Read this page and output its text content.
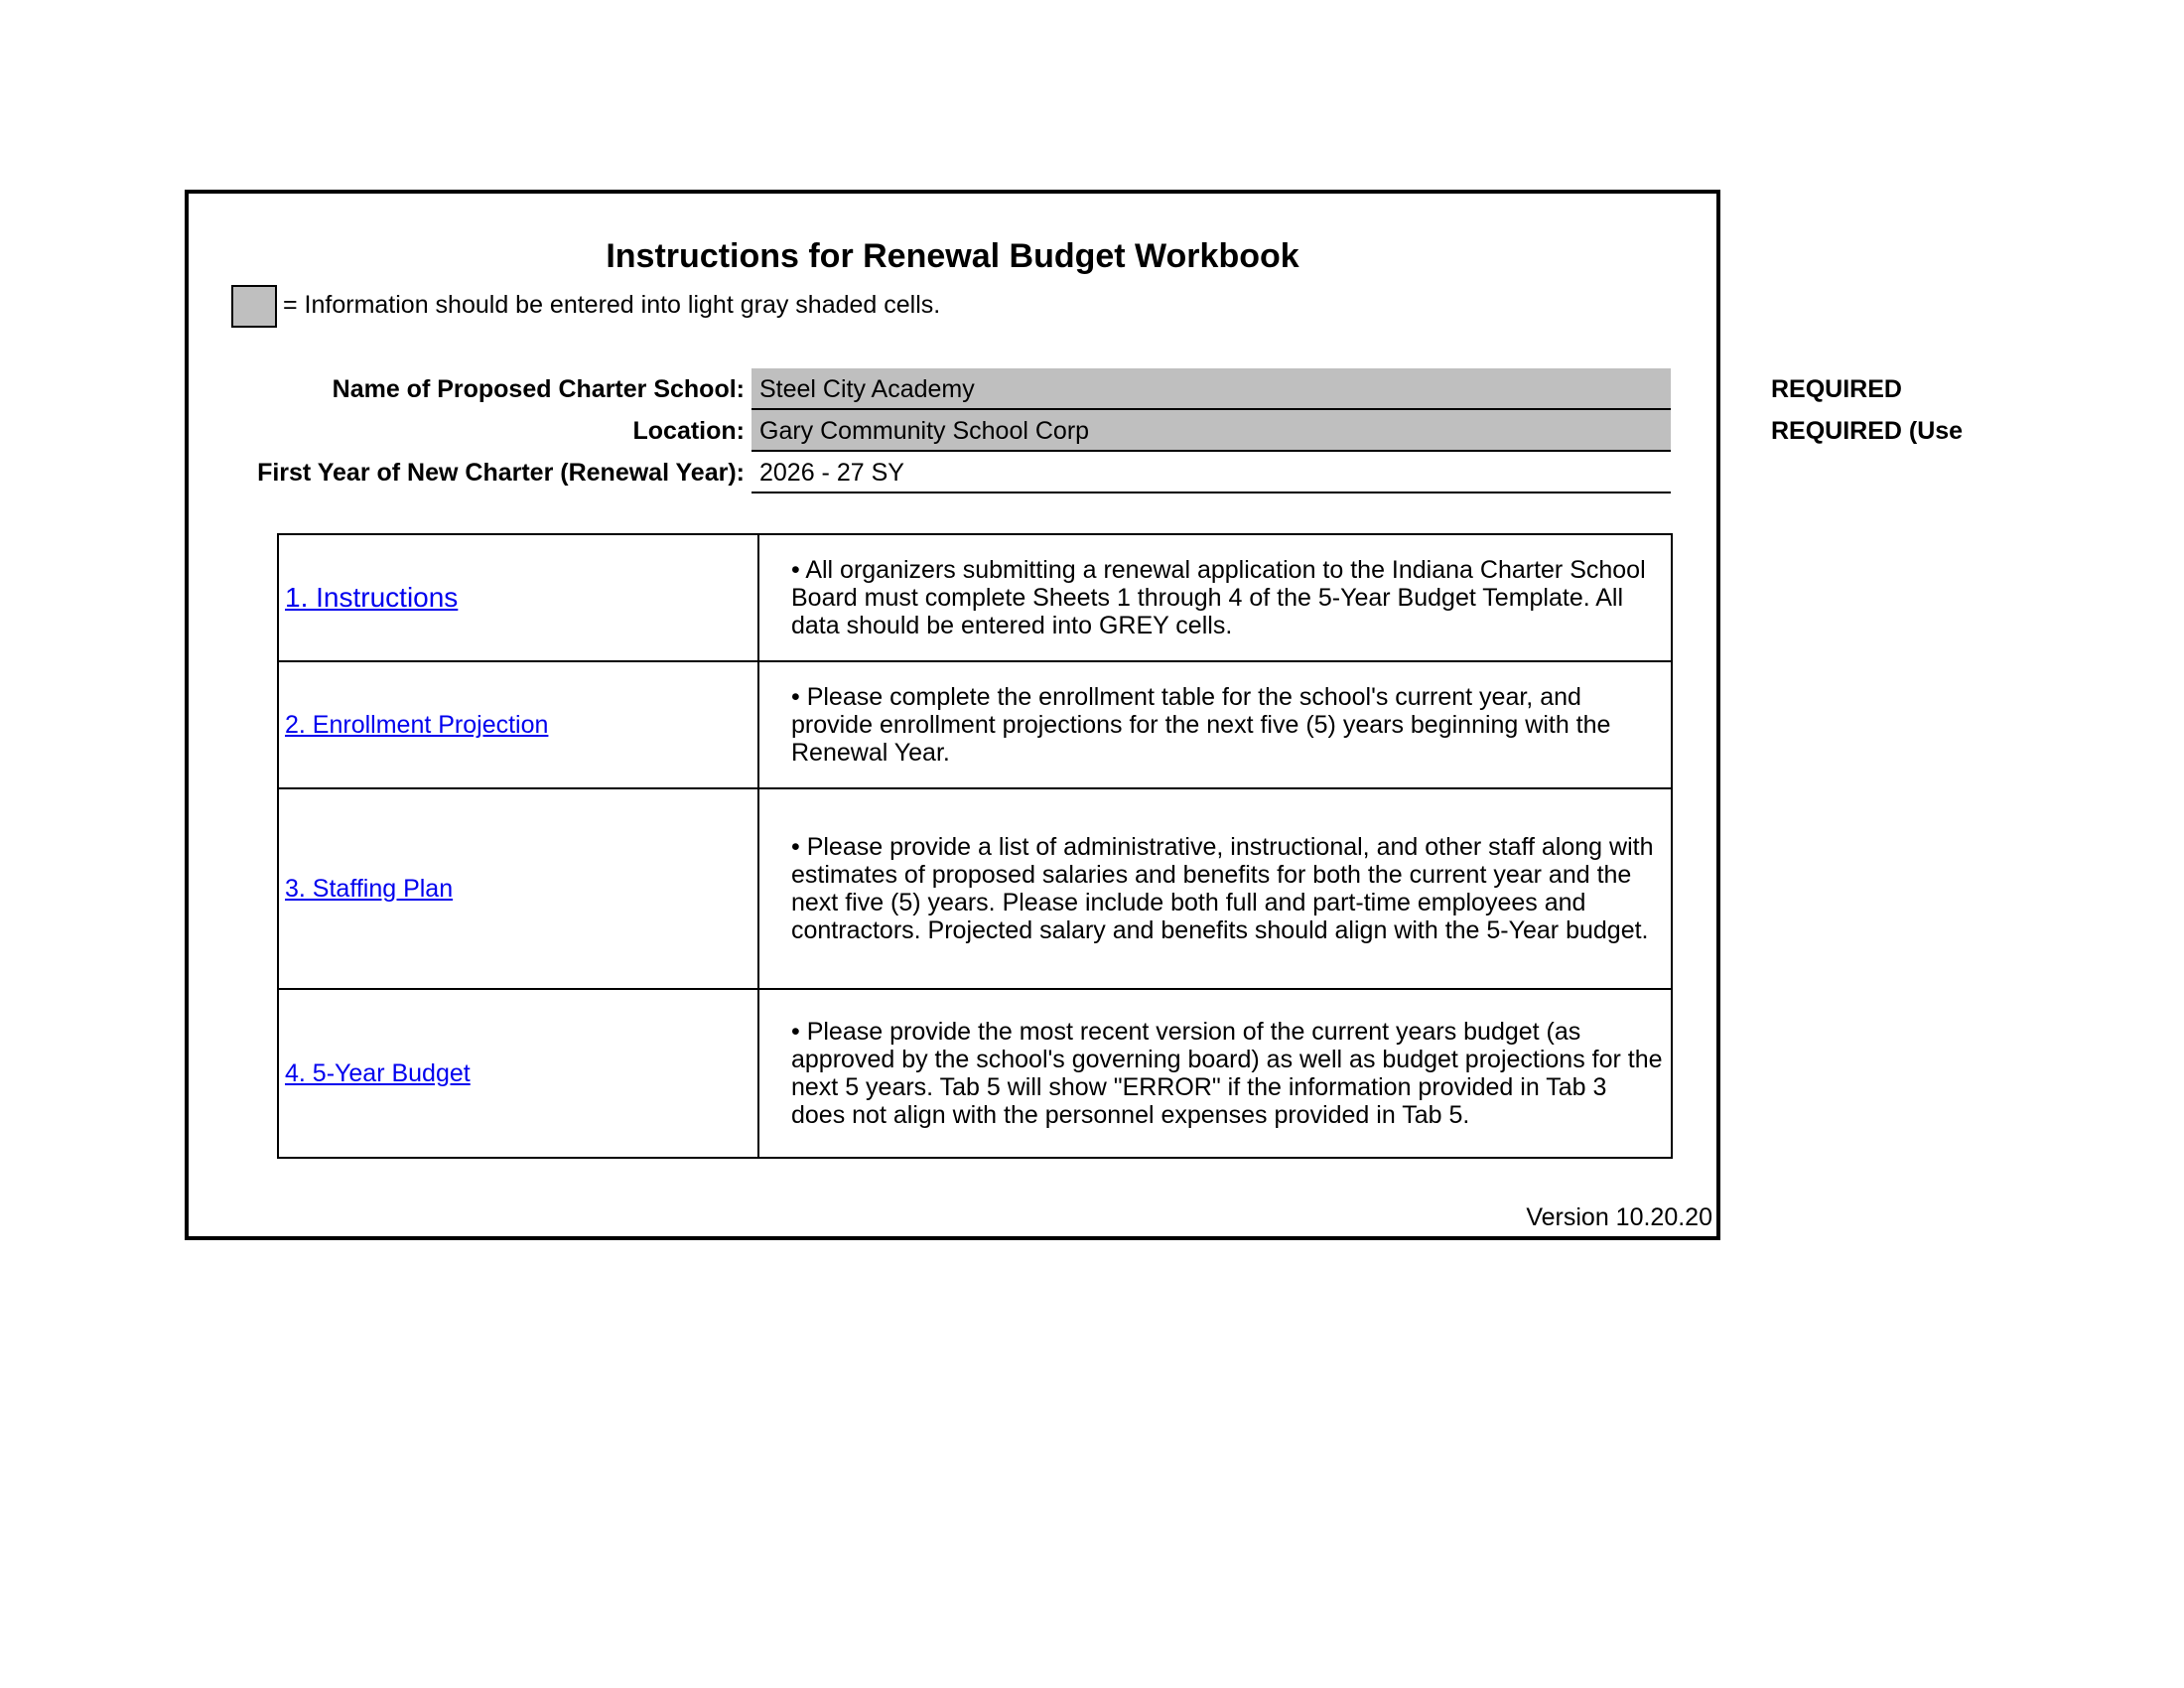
Instructions for Renewal Budget Workbook
= Information should be entered into light gray shaded cells.
Name of Proposed Charter School: Steel City Academy	REQUIRED
Location: Gary Community School Corp	REQUIRED (Use
First Year of New Charter (Renewal Year): 2026 - 27 SY
1. Instructions	• All organizers submitting a renewal application to the Indiana Charter School Board must complete Sheets 1 through 4 of the 5-Year Budget Template. All data should be entered into GREY cells.
2. Enrollment Projection	• Please complete the enrollment table for the school's current year, and provide enrollment projections for the next five (5) years beginning with the Renewal Year.
3. Staffing Plan	• Please provide a list of administrative, instructional, and other staff along with estimates of proposed salaries and benefits for both the current year and the next five (5) years. Please include both full and part-time employees and contractors. Projected salary and benefits should align with the 5-Year budget.
4. 5-Year Budget	• Please provide the most recent version of the current years budget (as approved by the school's governing board) as well as budget projections for the next 5 years. Tab 5 will show "ERROR" if the information provided in Tab 3 does not align with the personnel expenses provided in Tab 5.
Version 10.20.20
